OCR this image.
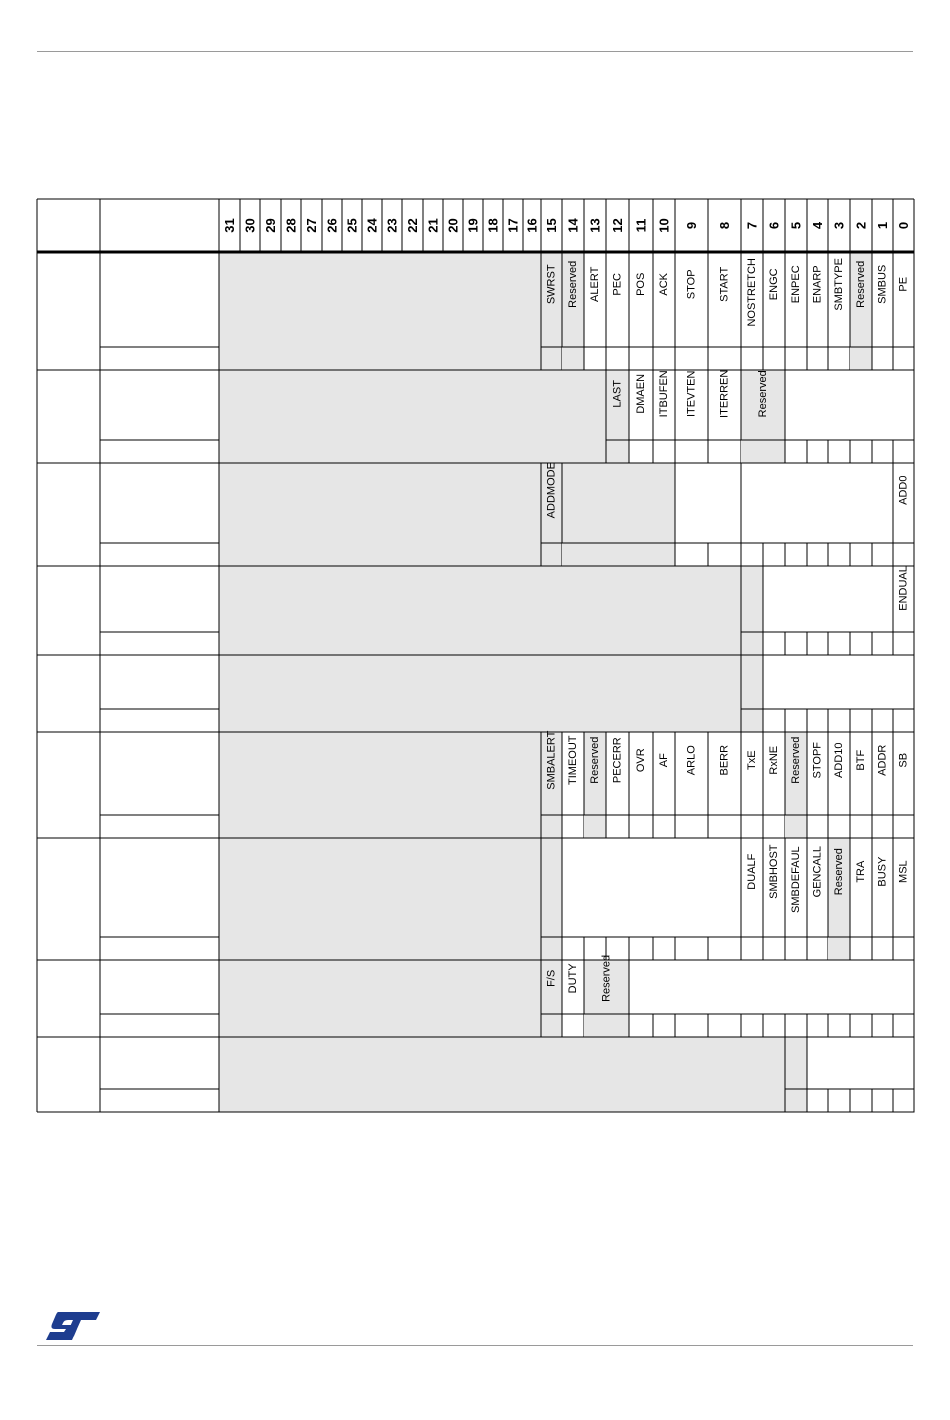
31 30 29 28 27 26 25 24 23 22 21 20 19 18 17 16 15 14 13 12 11 10 9 8 7 6 5 4 3 2 1 0
SWRST Reserved ALERT PEC POS ACK STOP START NOSTRETCH ENGC ENPEC ENARP SMBTYPE Reserved SMBUS PE
LAST DMAEN ITBUFEN ITEVTEN ITERREN Reserved
ADDMODE	ADD0
ENDUAL
SMBALERT TIMEOUT Reserved PECERR OVR AF ARLO BERR TxE RxNE Reserved STOPF ADD10 BTF ADDR SB
DUALF SMBHOST SMBDEFAUL GENCALL Reserved TRA BUSY MSL
F/S DUTY Reserved
